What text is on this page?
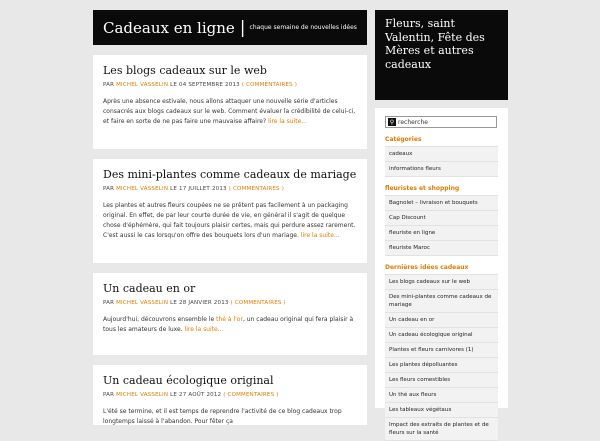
Cadeaux en ligne | chaque semaine de nouvelles idées
Les blogs cadeaux sur le web
PAR MICHEL VASSELIN LE 04 SEPTEMBRE 2013 ( COMMENTAIRES )

Après une absence estivale, nous allons attaquer une nouvelle série d'articles consacrés aux blogs cadeaux sur le web. Comment évaluer la crédibilité de celui-ci, et faire en sorte de ne pas faire une mauvaise affaire? lire la suite...

Des mini-plantes comme cadeaux de mariage
PAR MICHEL VASSELIN LE 17 JUILLET 2013 ( COMMENTAIRES )

Les plantes et autres fleurs coupées ne se prêtent pas facilement à un packaging original. En effet, de par leur courte durée de vie, en général il s'agit de quelque chose d'éphémère, qui fait toujours plaisir certes, mais qui perdure assez rarement. C'est aussi le cas lorsqu'on offre des bouquets lors d'un mariage. lire la suite...

Un cadeau en or
PAR MICHEL VASSELIN LE 28 JANVIER 2013 ( COMMENTAIRES )

Aujourd'hui, découvrons ensemble le thé à l'or, un cadeau original qui fera plaisir à tous les amateurs de luxe. lire la suite...

Un cadeau écologique original
PAR MICHEL VASSELIN LE 27 AOÛT 2012 ( COMMENTAIRES )

L'été se termine, et il est temps de reprendre l'activité de ce blog cadeaux trop longtemps laissé à l'abandon. Pour fêter ça

Fleurs, saint Valentin, Fête des Mères et autres cadeaux
⚲ recherche
Catégories
cadeaux
informations fleurs
fleuristes et shopping
Bagnolet – livraison et bouquets
Cap Discount
fleuriste en ligne
fleuriste Maroc
Dernières idées cadeaux
Les blogs cadeaux sur le web
Des mini-plantes comme cadeaux de mariage
Un cadeau en or
Un cadeau écologique original
Plantes et fleurs carnivores (1)
Les plantes dépolluantes
Les fleurs comestibles
Un thé aux fleurs
Les tableaux végétaux
Impact des extraits de plantes et de fleurs sur la santé
